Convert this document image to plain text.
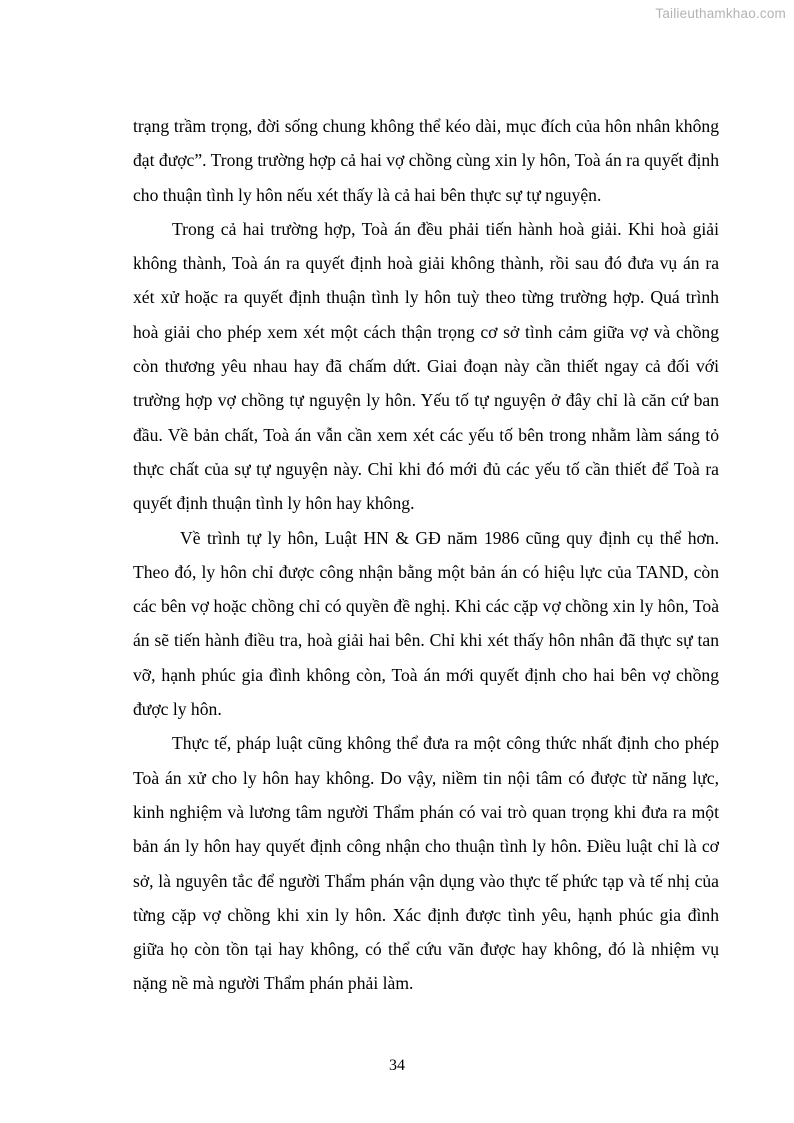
Tailieuthamkhao.com

trạng trầm trọng, đời sống chung không thể kéo dài, mục đích của hôn nhân không đạt được”. Trong trường hợp cả hai vợ chồng cùng xin ly hôn, Toà án ra quyết định cho thuận tình ly hôn nếu xét thấy là cả hai bên thực sự tự nguyện.

Trong cả hai trường hợp, Toà án đều phải tiến hành hoà giải. Khi hoà giải không thành, Toà án ra quyết định hoà giải không thành, rồi sau đó đưa vụ án ra xét xử hoặc ra quyết định thuận tình ly hôn tuỳ theo từng trường hợp. Quá trình hoà giải cho phép xem xét một cách thận trọng cơ sở tình cảm giữa vợ và chồng còn thương yêu nhau hay đã chấm dứt. Giai đoạn này cần thiết ngay cả đối với trường hợp vợ chồng tự nguyện ly hôn. Yếu tố tự nguyện ở đây chỉ là căn cứ ban đầu. Về bản chất, Toà án vẫn cần xem xét các yếu tố bên trong nhằm làm sáng tỏ thực chất của sự tự nguyện này. Chỉ khi đó mới đủ các yếu tố cần thiết để Toà ra quyết định thuận tình ly hôn hay không.

Về trình tự ly hôn, Luật HN & GĐ năm 1986 cũng quy định cụ thể hơn. Theo đó, ly hôn chỉ được công nhận bằng một bản án có hiệu lực của TAND, còn các bên vợ hoặc chồng chỉ có quyền đề nghị. Khi các cặp vợ chồng xin ly hôn, Toà án sẽ tiến hành điều tra, hoà giải hai bên. Chỉ khi xét thấy hôn nhân đã thực sự tan vỡ, hạnh phúc gia đình không còn, Toà án mới quyết định cho hai bên vợ chồng được ly hôn.

Thực tế, pháp luật cũng không thể đưa ra một công thức nhất định cho phép Toà án xử cho ly hôn hay không. Do vậy, niềm tin nội tâm có được từ năng lực, kinh nghiệm và lương tâm người Thẩm phán có vai trò quan trọng khi đưa ra một bản án ly hôn hay quyết định công nhận cho thuận tình ly hôn. Điều luật chỉ là cơ sở, là nguyên tắc để người Thẩm phán vận dụng vào thực tế phức tạp và tế nhị của từng cặp vợ chồng khi xin ly hôn. Xác định được tình yêu, hạnh phúc gia đình giữa họ còn tồn tại hay không, có thể cứu vãn được hay không, đó là nhiệm vụ nặng nề mà người Thẩm phán phải làm.

34
